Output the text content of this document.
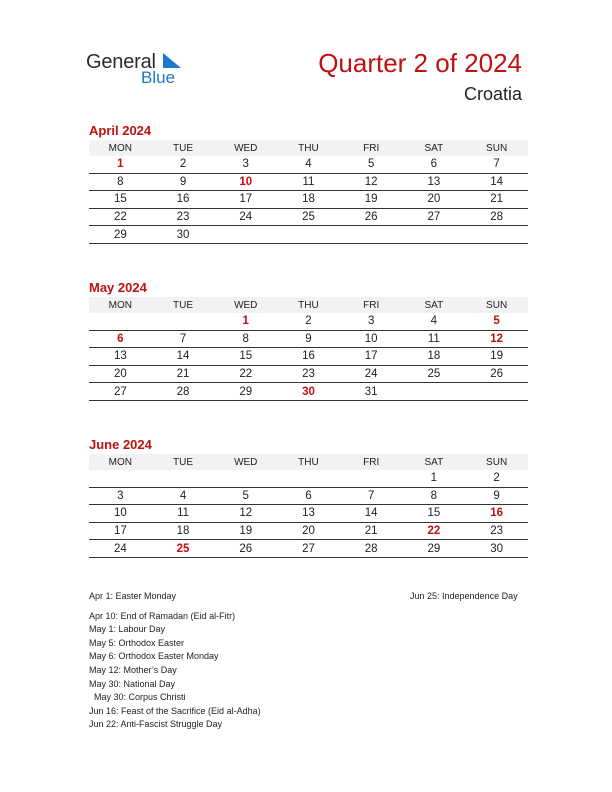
General
Blue	Quarter 2 of 2024
Croatia
April 2024
MON	TUE	WED	THU	FRI	SAT	SUN
1	2	3	4	5	6	7
8	9	10	11	12	13	14
15	16	17	18	19	20	21
22	23	24	25	26	27	28
29	30					
May 2024
MON	TUE	WED	THU	FRI	SAT	SUN
		1	2	3	4	5
6	7	8	9	10	11	12
13	14	15	16	17	18	19
20	21	22	23	24	25	26
27	28	29	30	31		
June 2024
MON	TUE	WED	THU	FRI	SAT	SUN
					1	2
3	4	5	6	7	8	9
10	11	12	13	14	15	16
17	18	19	20	21	22	23
24	25	26	27	28	29	30
Apr 1: Easter Monday
Apr 10: End of Ramadan (Eid al-Fitr)
May 1: Labour Day
May 5: Orthodox Easter
May 6: Orthodox Easter Monday
May 12: Mother’s Day
May 30: National Day
May 30: Corpus Christi
Jun 16: Feast of the Sacrifice (Eid al-Adha)
Jun 22: Anti-Fascist Struggle Day
Jun 25: Independence Day
